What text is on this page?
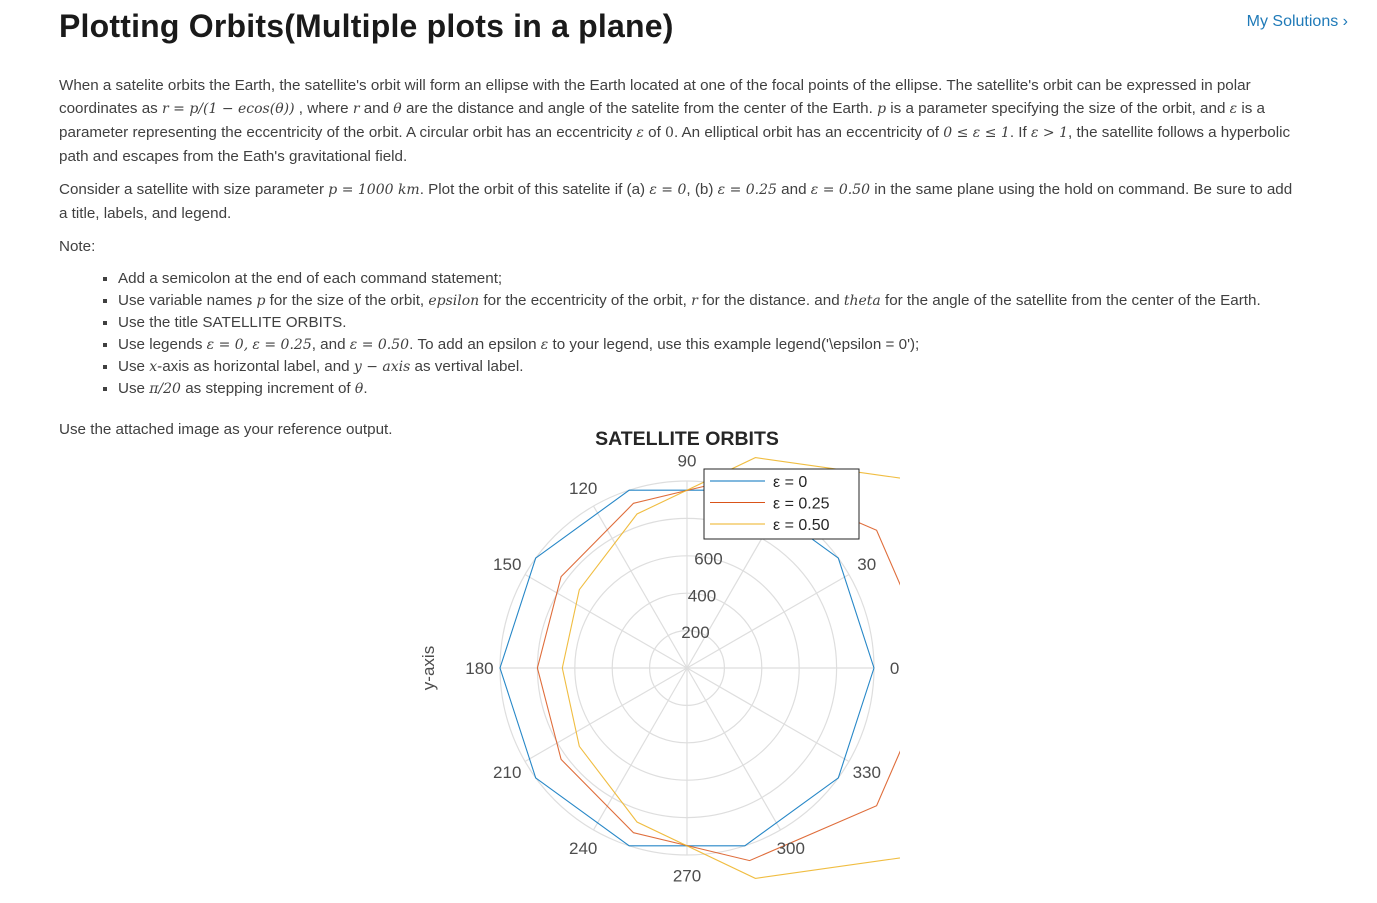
Plotting Orbits(Multiple plots in a plane)	My Solutions ›

When a satelite orbits the Earth, the satellite's orbit will form an ellipse with the Earth located at one of the focal points of the ellipse. The satellite's orbit can be expressed in polar coordinates as r = p/(1 − ecos(θ)) , where r and θ are the distance and angle of the satelite from the center of the Earth. p is a parameter specifying the size of the orbit, and ε is a parameter representing the eccentricity of the orbit. A circular orbit has an eccentricity ε of 0. An elliptical orbit has an eccentricity of 0 ≤ ε ≤ 1. If ε > 1, the satellite follows a hyperbolic path and escapes from the Eath's gravitational field.

Consider a satellite with size parameter p = 1000 km. Plot the orbit of this satelite if (a) ε = 0, (b) ε = 0.25 and ε = 0.50 in the same plane using the hold on command. Be sure to add a title, labels, and legend.

Note:

▪ Add a semicolon at the end of each command statement;
▪ Use variable names p for the size of the orbit, epsilon for the eccentricity of the orbit, r for the distance. and theta for the angle of the satellite from the center of the Earth.
▪ Use the title SATELLITE ORBITS.
▪ Use legends ε = 0, ε = 0.25, and ε = 0.50. To add an epsilon ε to your legend, use this example legend('\epsilon = 0');
▪ Use x-axis as horizontal label, and y − axis as vertival label.
▪ Use π/20 as stepping increment of θ.
Use the attached image as your reference output.
0
30
90
120
150
180
210
240
270
300
330
200
400
600
SATELLITE ORBITS
y-axis
ε = 0
ε = 0.25
ε = 0.50
